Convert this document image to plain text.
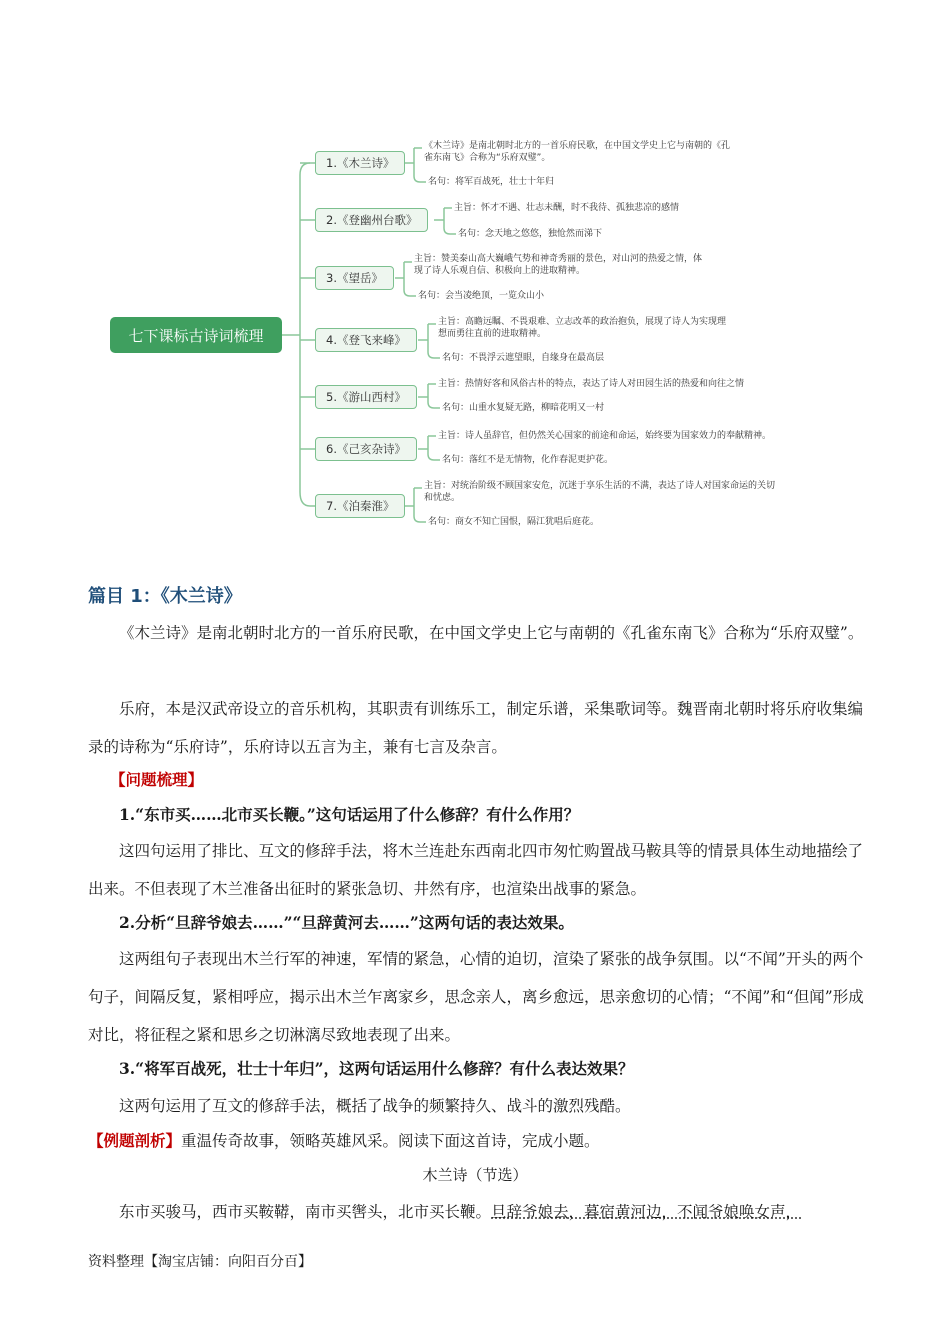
七下课标古诗词梳理
1.《木兰诗》
《木兰诗》是南北朝时北方的一首乐府民歌，在中国文学史上它与南朝的《孔
雀东南飞》合称为“乐府双璧”。
名句：将军百战死，壮士十年归
2.《登幽州台歌》
主旨：怀才不遇、壮志未酬，时不我待、孤独悲凉的感情
名句：念天地之悠悠，独怆然而涕下
3.《望岳》
主旨：赞美泰山高大巍峨气势和神奇秀丽的景色，对山河的热爱之情，体
现了诗人乐观自信、积极向上的进取精神。
名句：会当凌绝顶，一览众山小
4.《登飞来峰》
主旨：高瞻远瞩、不畏艰难、立志改革的政治抱负，展现了诗人为实现理
想而勇往直前的进取精神。
名句：不畏浮云遮望眼，自缘身在最高层
5.《游山西村》
主旨：热情好客和风俗古朴的特点，表达了诗人对田园生活的热爱和向往之情
名句：山重水复疑无路，柳暗花明又一村
6.《己亥杂诗》
主旨：诗人虽辞官，但仍然关心国家的前途和命运，始终要为国家效力的奉献精神。
名句：落红不是无情物，化作春泥更护花。
7.《泊秦淮》
主旨：对统治阶级不顾国家安危，沉迷于享乐生活的不满，表达了诗人对国家命运的关切
和忧虑。
名句：商女不知亡国恨，隔江犹唱后庭花。
篇目 1：《木兰诗》

《木兰诗》是南北朝时北方的一首乐府民歌，在中国文学史上它与南朝的《孔雀东南飞》合称为“乐府双璧”。

乐府，本是汉武帝设立的音乐机构，其职责有训练乐工，制定乐谱，采集歌词等。魏晋南北朝时将乐府收集编录的诗称为“乐府诗”，乐府诗以五言为主，兼有七言及杂言。

【问题梳理】

1.“东市买……北市买长鞭。”这句话运用了什么修辞？有什么作用？

这四句运用了排比、互文的修辞手法，将木兰连赴东西南北四市匆忙购置战马鞍具等的情景具体生动地描绘了出来。不但表现了木兰准备出征时的紧张急切、井然有序，也渲染出战事的紧急。

2.分析“旦辞爷娘去……”“旦辞黄河去……”这两句话的表达效果。

这两组句子表现出木兰行军的神速，军情的紧急，心情的迫切，渲染了紧张的战争氛围。以“不闻”开头的两个句子，间隔反复，紧相呼应，揭示出木兰乍离家乡，思念亲人，离乡愈远，思亲愈切的心情；“不闻”和“但闻”形成对比，将征程之紧和思乡之切淋漓尽致地表现了出来。

3.“将军百战死，壮士十年归”，这两句话运用什么修辞？有什么表达效果？

这两句运用了互文的修辞手法，概括了战争的频繁持久、战斗的激烈残酷。

【例题剖析】重温传奇故事，领略英雄风采。阅读下面这首诗，完成小题。

木兰诗（节选）

东市买骏马，西市买鞍鞯，南市买辔头，北市买长鞭。旦辞爷娘去，暮宿黄河边，不闻爷娘唤女声，

资料整理【淘宝店铺：向阳百分百】
